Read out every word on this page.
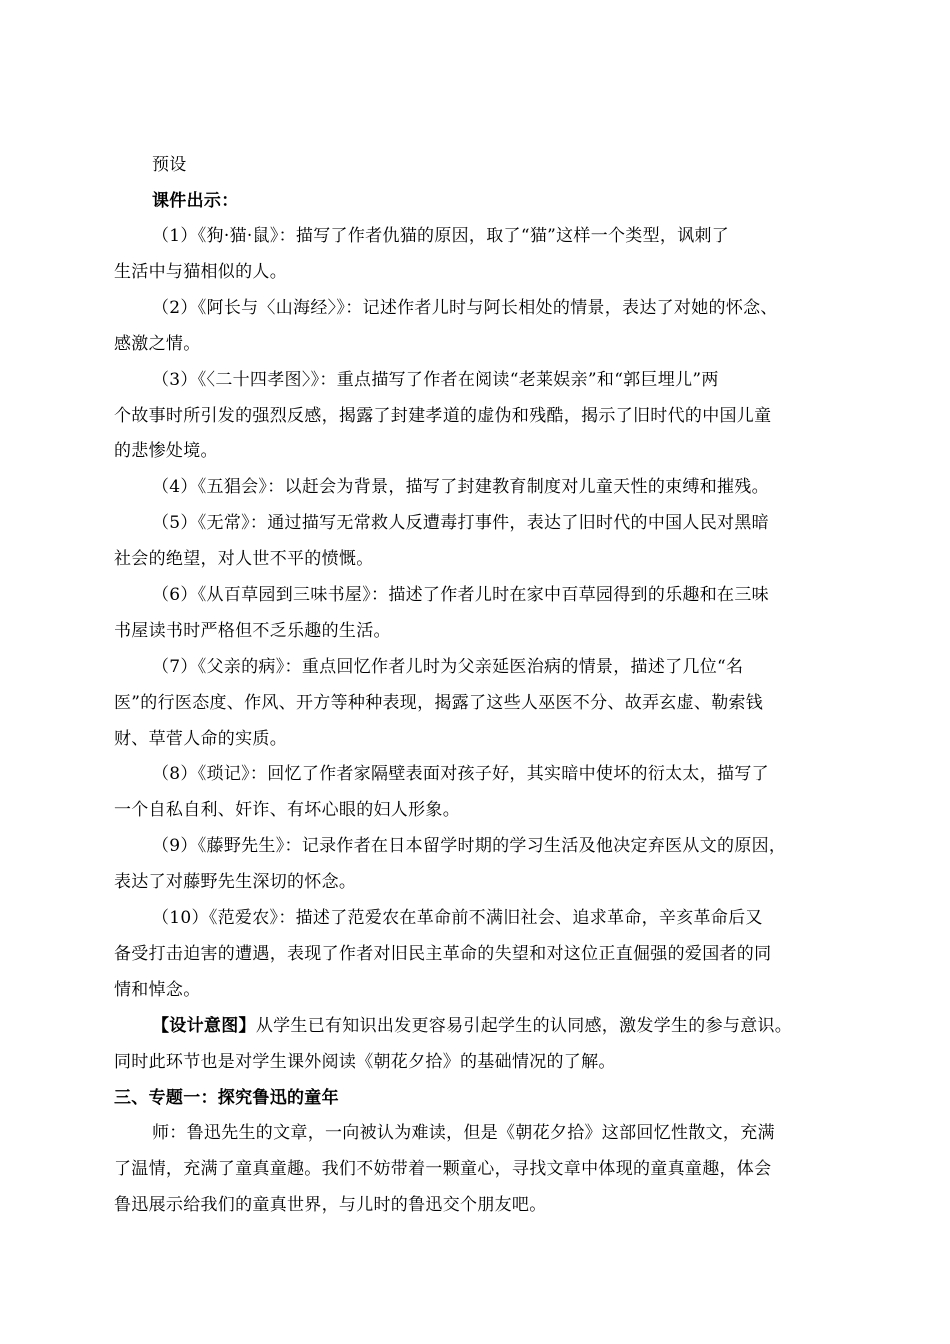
预设
课件出示：
（1）《狗·猫·鼠》：描写了作者仇猫的原因，取了“猫”这样一个类型，讽刺了
生活中与猫相似的人。
（2）《阿长与〈山海经〉》：记述作者儿时与阿长相处的情景，表达了对她的怀念、
感激之情。
（3）《〈二十四孝图〉》：重点描写了作者在阅读“老莱娱亲”和“郭巨埋儿”两
个故事时所引发的强烈反感，揭露了封建孝道的虚伪和残酷，揭示了旧时代的中国儿童
的悲惨处境。
（4）《五猖会》：以赶会为背景，描写了封建教育制度对儿童天性的束缚和摧残。
（5）《无常》：通过描写无常救人反遭毒打事件，表达了旧时代的中国人民对黑暗
社会的绝望，对人世不平的愤慨。
（6）《从百草园到三味书屋》：描述了作者儿时在家中百草园得到的乐趣和在三味
书屋读书时严格但不乏乐趣的生活。
（7）《父亲的病》：重点回忆作者儿时为父亲延医治病的情景，描述了几位“名
医”的行医态度、作风、开方等种种表现，揭露了这些人巫医不分、故弄玄虚、勒索钱
财、草菅人命的实质。
（8）《琐记》：回忆了作者家隔壁表面对孩子好，其实暗中使坏的衍太太，描写了
一个自私自利、奸诈、有坏心眼的妇人形象。
（9）《藤野先生》：记录作者在日本留学时期的学习生活及他决定弃医从文的原因，
表达了对藤野先生深切的怀念。
（10）《范爱农》：描述了范爱农在革命前不满旧社会、追求革命，辛亥革命后又
备受打击迫害的遭遇，表现了作者对旧民主革命的失望和对这位正直倔强的爱国者的同
情和悼念。
【设计意图】从学生已有知识出发更容易引起学生的认同感，激发学生的参与意识。
同时此环节也是对学生课外阅读《朝花夕拾》的基础情况的了解。
三、专题一：探究鲁迅的童年
师：鲁迅先生的文章，一向被认为难读，但是《朝花夕拾》这部回忆性散文，充满
了温情，充满了童真童趣。我们不妨带着一颗童心，寻找文章中体现的童真童趣，体会
鲁迅展示给我们的童真世界，与儿时的鲁迅交个朋友吧。
